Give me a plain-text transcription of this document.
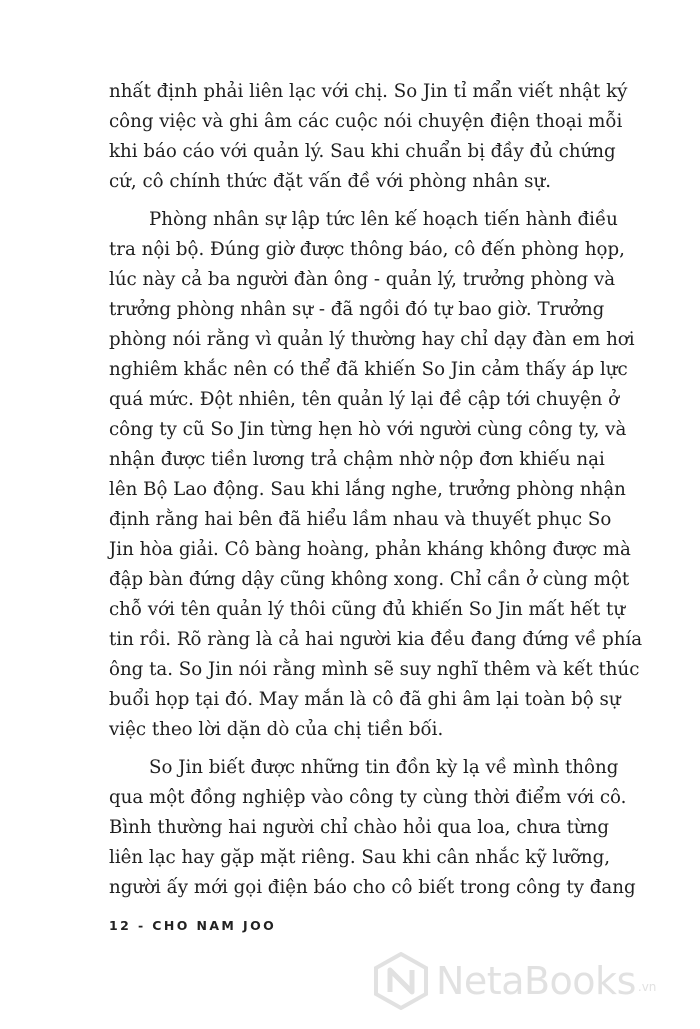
nhất định phải liên lạc với chị. So Jin tỉ mẩn viết nhật ký
công việc và ghi âm các cuộc nói chuyện điện thoại mỗi
khi báo cáo với quản lý. Sau khi chuẩn bị đầy đủ chứng
cứ, cô chính thức đặt vấn đề với phòng nhân sự.
Phòng nhân sự lập tức lên kế hoạch tiến hành điều
tra nội bộ. Đúng giờ được thông báo, cô đến phòng họp,
lúc này cả ba người đàn ông - quản lý, trưởng phòng và
trưởng phòng nhân sự - đã ngồi đó tự bao giờ. Trưởng
phòng nói rằng vì quản lý thường hay chỉ dạy đàn em hơi
nghiêm khắc nên có thể đã khiến So Jin cảm thấy áp lực
quá mức. Đột nhiên, tên quản lý lại đề cập tới chuyện ở
công ty cũ So Jin từng hẹn hò với người cùng công ty, và
nhận được tiền lương trả chậm nhờ nộp đơn khiếu nại
lên Bộ Lao động. Sau khi lắng nghe, trưởng phòng nhận
định rằng hai bên đã hiểu lầm nhau và thuyết phục So
Jin hòa giải. Cô bàng hoàng, phản kháng không được mà
đập bàn đứng dậy cũng không xong. Chỉ cần ở cùng một
chỗ với tên quản lý thôi cũng đủ khiến So Jin mất hết tự
tin rồi. Rõ ràng là cả hai người kia đều đang đứng về phía
ông ta. So Jin nói rằng mình sẽ suy nghĩ thêm và kết thúc
buổi họp tại đó. May mắn là cô đã ghi âm lại toàn bộ sự
việc theo lời dặn dò của chị tiền bối.
So Jin biết được những tin đồn kỳ lạ về mình thông
qua một đồng nghiệp vào công ty cùng thời điểm với cô.
Bình thường hai người chỉ chào hỏi qua loa, chưa từng
liên lạc hay gặp mặt riêng. Sau khi cân nhắc kỹ lưỡng,
người ấy mới gọi điện báo cho cô biết trong công ty đang
12 - CHO NAM JOO
NetaBooks .vn
